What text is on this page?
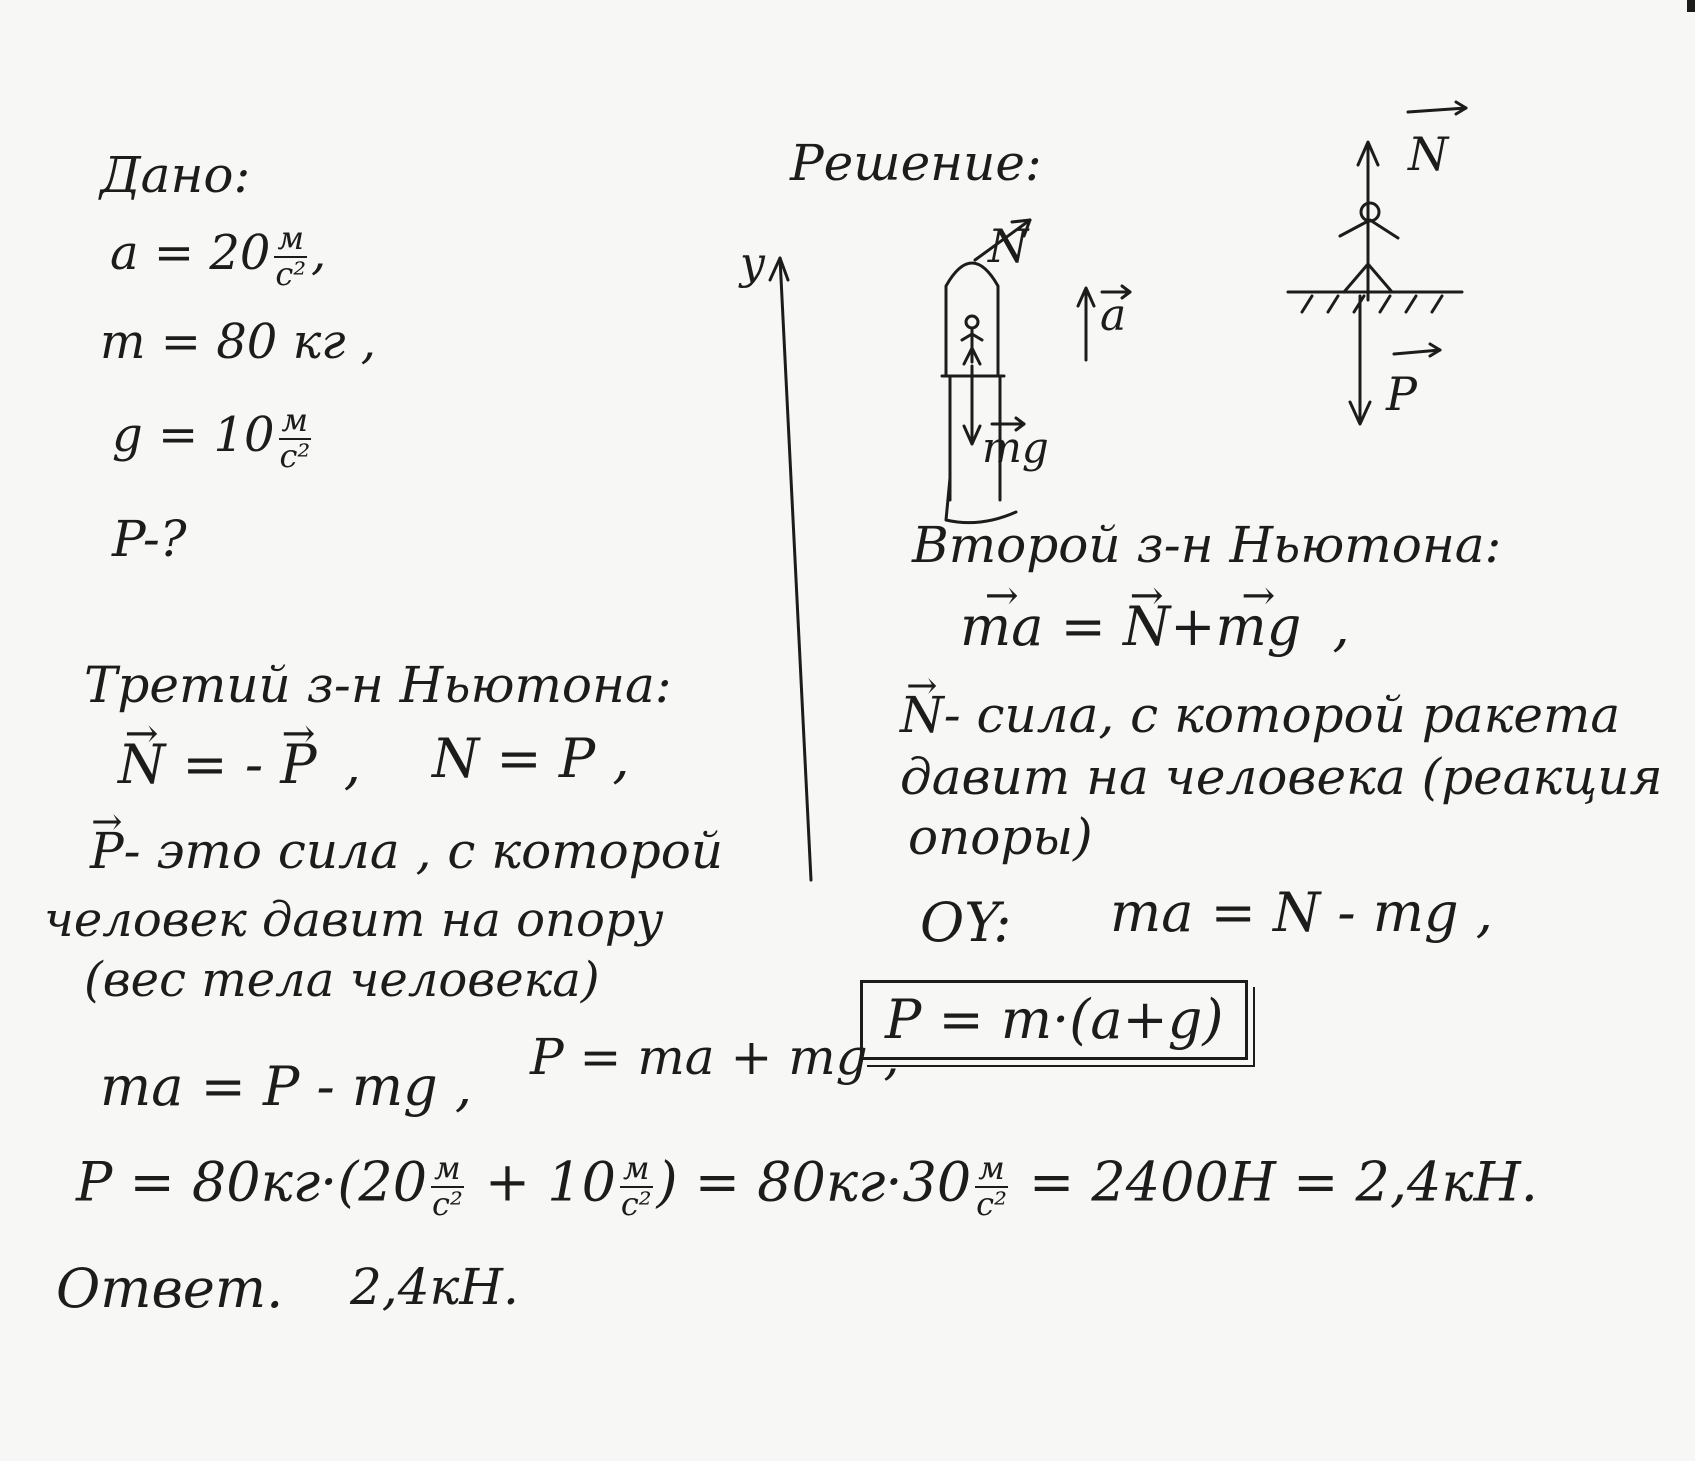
Дано:
$a = 20 \frac{м}{\text{с²}}$ ,
m = 80 кг ,
$g = 10 \frac{м}{\text{с²}}$
P-?
Решение:
y	N
mg
a
N
P
Второй з-н Ньютона:
→ ma = → N+→ mg ,
→ N- сила, с которой ракета
давит на человека (реакция
опоры)
OY: ma = N - mg ,
Третий з-н Ньютона:
→ N = - → P , N = P ,
→ P- это сила , с которой
человек давит на опору
(вес тела человека)
ma = P - mg , P = ma + mg ,
P = m·(a+g)
$P = 80кг\cdot(20 \frac{м}{\text{с²}} + 10 \frac{м}{\text{с²}}$ ) = $80кг\cdot 30 \frac{м}{\text{с²}} = 2400Н = 2,4кН$.
Ответ. 2,4кН.
